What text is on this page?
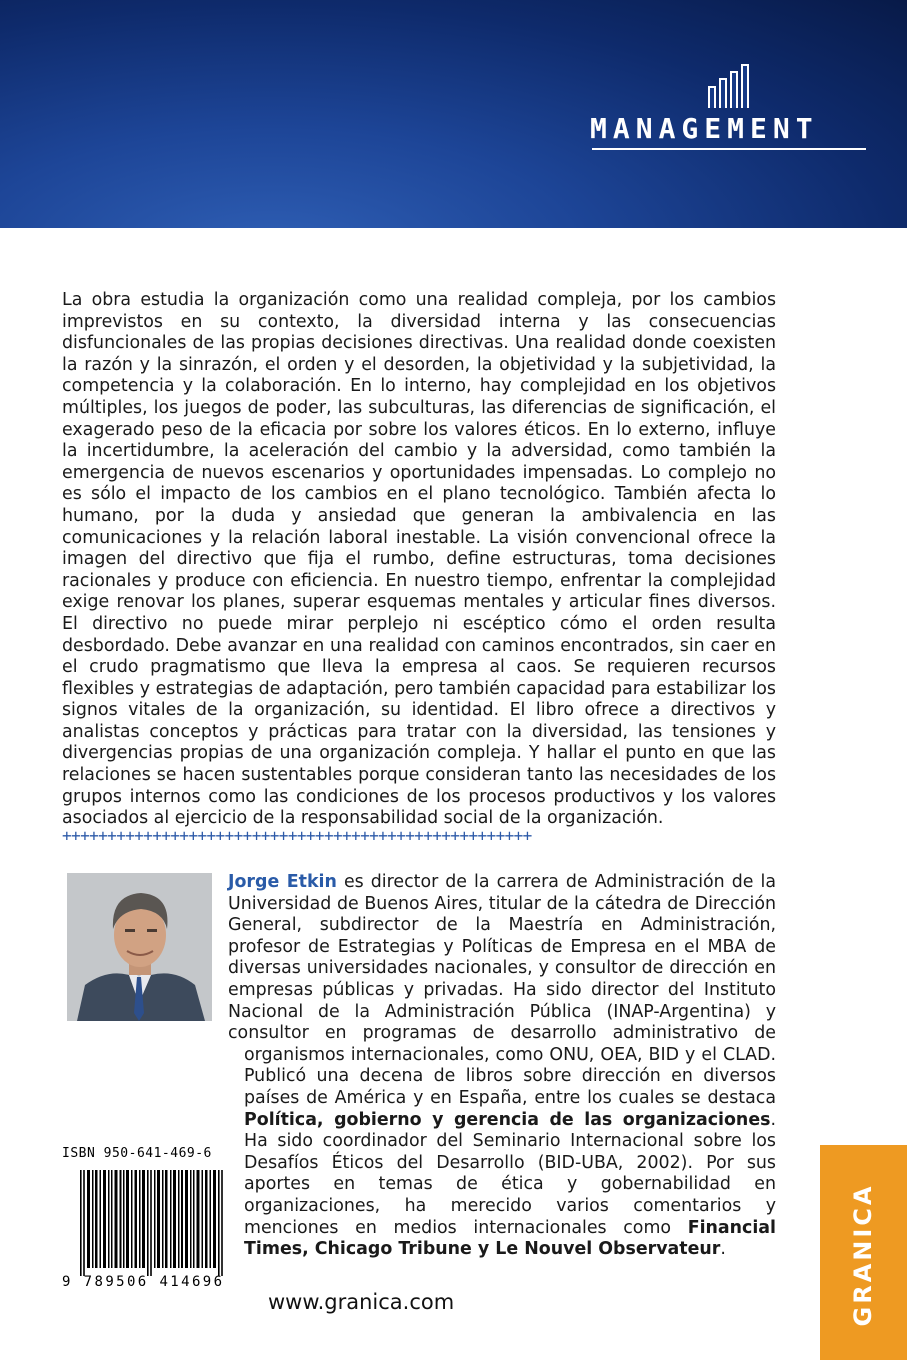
MANAGEMENT
La obra estudia la organización como una realidad compleja, por los cambios imprevistos en su contexto, la diversidad interna y las consecuencias disfuncionales de las propias decisiones directivas. Una realidad donde coexisten la razón y la sinrazón, el orden y el desorden, la objetividad y la subjetividad, la competencia y la colaboración. En lo interno, hay complejidad en los objetivos múltiples, los juegos de poder, las subculturas, las diferencias de significación, el exagerado peso de la eficacia por sobre los valores éticos. En lo externo, influye la incertidumbre, la aceleración del cambio y la adversidad, como también la emergencia de nuevos escenarios y oportunidades impensadas. Lo complejo no es sólo el impacto de los cambios en el plano tecnológico. También afecta lo humano, por la duda y ansiedad que generan la ambivalencia en las comunicaciones y la relación laboral inestable. La visión convencional ofrece la imagen del directivo que fija el rumbo, define estructuras, toma decisiones racionales y produce con eficiencia. En nuestro tiempo, enfrentar la complejidad exige renovar los planes, superar esquemas mentales y articular fines diversos. El directivo no puede mirar perplejo ni escéptico cómo el orden resulta desbordado. Debe avanzar en una realidad con caminos encontrados, sin caer en el crudo pragmatismo que lleva la empresa al caos. Se requieren recursos flexibles y estrategias de adaptación, pero también capacidad para estabilizar los signos vitales de la organización, su identidad. El libro ofrece a directivos y analistas conceptos y prácticas para tratar con la diversidad, las tensiones y divergencias propias de una organización compleja. Y hallar el punto en que las relaciones se hacen sustentables porque consideran tanto las necesidades de los grupos internos como las condiciones de los procesos productivos y los valores asociados al ejercicio de la responsabilidad social de la organización.
++++++++++++++++++++++++++++++++++++++++++++++++++++
Jorge Etkin es director de la carrera de Administración de la Universidad de Buenos Aires, titular de la cátedra de Dirección General, subdirector de la Maestría en Administración, profesor de Estrategias y Políticas de Empresa en el MBA de diversas universidades nacionales, y consultor de dirección en empresas públicas y privadas. Ha sido director del Instituto Nacional de la Administración Pública (INAP-Argentina) y consultor en programas de desarrollo administrativo de organismos internacionales, como ONU, OEA, BID y el CLAD. Publicó una decena de libros sobre dirección en diversos países de América y en España, entre los cuales se destaca Política, gobierno y gerencia de las organizaciones. Ha sido coordinador del Seminario Internacional sobre los Desafíos Éticos del Desarrollo (BID-UBA, 2002). Por sus aportes en temas de ética y gobernabilidad en organizaciones, ha merecido varios comentarios y menciones en medios internacionales como Financial Times, Chicago Tribune y Le Nouvel Observateur.
ISBN 950-641-469-6
9 789506 414696
www.granica.com	GRANICA
